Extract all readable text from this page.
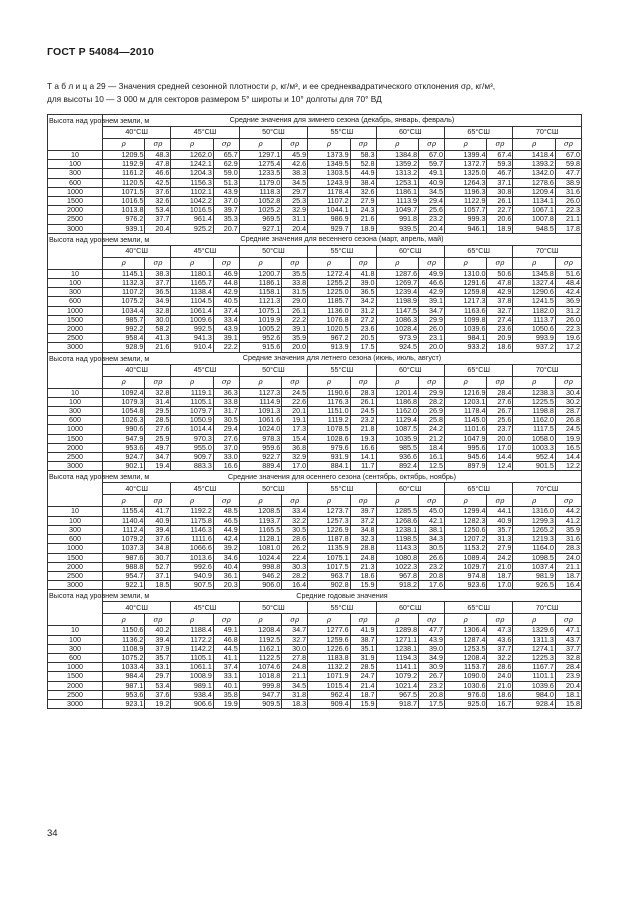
ГОСТ Р 54084—2010
Т а б л и ц а 29 — Значения средней сезонной плотности ρ, кг/м³, и ее среднеквадратического отклонения σρ, кг/м³,
для высоты 10 — 3 000 м для секторов размером 5° широты и 10° долготы для 70° ВД
Высота над уровнем земли, м	Средние значения для зимнего сезона (декабрь, январь, февраль)													
	40°СШ		45°СШ		50°СШ		55°СШ		60°СШ		65°СШ		70°СШ	
	ρ	σρ	ρ	σρ	ρ	σρ	ρ	σρ	ρ	σρ	ρ	σρ	ρ	σρ
10	1209.5	48.3	1262.0	65.7	1297.1	45.9	1373.9	58.3	1384.8	67.0	1399.4	67.4	1418.4	67.0
100	1192.9	47.8	1242.1	62.9	1275.4	42.6	1349.5	52.8	1359.2	59.7	1372.7	59.3	1393.2	59.8
300	1161.2	46.6	1204.3	59.0	1233.5	38.3	1303.5	44.9	1313.2	49.1	1325.0	46.7	1342.0	47.7
600	1120.5	42.5	1156.3	51.3	1179.0	34.5	1243.9	38.4	1253.1	40.9	1264.3	37.1	1278.6	38.9
1000	1071.5	37.6	1102.1	43.9	1118.3	29.7	1178.4	32.6	1186.1	34.5	1196.3	30.8	1209.4	31.6
1500	1016.5	32.6	1042.2	37.0	1052.8	25.3	1107.2	27.9	1113.9	29.4	1122.9	26.1	1134.1	26.0
2000	1013.8	53.4	1016.5	39.7	1025.2	32.9	1044.1	24.3	1049.7	25.6	1057.7	22.7	1067.1	22.3
2500	976.2	37.7	961.4	35.3	969.5	31.1	986.9	21.6	991.8	23.2	999.3	20.6	1007.8	21.1
3000	939.1	20.4	925.2	20.7	927.1	20.4	929.7	18.9	939.5	20.4	946.1	18.9	948.5	17.8
Высота над уровнем земли, м	Средние значения для весеннего сезона (март, апрель, май)													
	40°СШ		45°СШ		50°СШ		55°СШ		60°СШ		65°СШ		70°СШ	
	ρ	σρ	ρ	σρ	ρ	σρ	ρ	σρ	ρ	σρ	ρ	σρ	ρ	σρ
10	1145.1	38.3	1180.1	46.9	1200.7	35.5	1272.4	41.8	1287.6	49.9	1310.0	50.6	1345.8	51.6
100	1132.3	37.7	1165.7	44.8	1186.1	33.8	1255.2	39.0	1269.7	46.6	1291.6	47.8	1327.4	48.4
300	1107.2	36.5	1138.4	42.9	1158.1	31.5	1225.0	36.5	1239.4	42.9	1259.8	42.9	1290.6	42.4
600	1075.2	34.9	1104.5	40.5	1121.3	29.0	1185.7	34.2	1198.9	39.1	1217.3	37.8	1241.5	36.9
1000	1034.4	32.8	1061.4	37.4	1075.1	26.1	1136.0	31.2	1147.5	34.7	1163.6	32.7	1182.0	31.2
1500	985.7	30.0	1009.6	33.4	1019.9	22.2	1076.8	27.2	1086.3	29.9	1099.8	27.4	1113.7	26.0
2000	992.2	58.2	992.5	43.9	1005.2	39.1	1020.5	23.6	1028.4	26.0	1039.6	23.6	1050.6	22.3
2500	958.4	41.3	941.3	39.1	952.6	35.9	967.2	20.5	973.9	23.1	984.1	20.9	993.9	19.6
3000	928.9	21.6	910.4	22.2	915.6	20.0	913.9	17.5	924.5	20.0	933.2	18.6	937.2	17.2
Высота над уровнем земли, м	Средние значения для летнего сезона (июнь, июль, август)													
	40°СШ		45°СШ		50°СШ		55°СШ		60°СШ		65°СШ		70°СШ	
	ρ	σρ	ρ	σρ	ρ	σρ	ρ	σρ	ρ	σρ	ρ	σρ	ρ	σρ
10	1092.4	32.8	1119.1	36.3	1127.3	24.5	1190.6	28.3	1201.4	29.9	1216.9	28.4	1238.3	30.4
100	1079.3	31.4	1105.1	33.8	1114.9	22.6	1176.3	26.1	1186.8	28.2	1203.1	27.6	1225.5	30.2
300	1054.8	29.5	1079.7	31.7	1091.3	20.1	1151.0	24.5	1162.0	26.9	1178.4	26.7	1198.8	28.7
600	1026.3	28.5	1050.9	30.5	1061.6	19.1	1119.2	23.2	1129.4	25.8	1145.0	25.6	1162.0	26.8
1000	990.6	27.6	1014.4	29.4	1024.0	17.3	1078.5	21.8	1087.5	24.2	1101.6	23.7	1117.5	24.5
1500	947.9	25.9	970.3	27.6	978.3	15.4	1028.6	19.3	1035.9	21.2	1047.9	20.0	1058.0	19.9
2000	953.6	49.7	955.0	37.0	959.6	36.8	979.6	16.6	985.5	18.4	995.6	17.0	1003.3	16.5
2500	924.7	34.7	909.7	33.0	922.7	32.9	931.9	14.1	936.6	16.1	945.6	14.4	952.4	14.4
3000	902.1	19.4	883.3	16.6	889.4	17.0	884.1	11.7	892.4	12.5	897.9	12.4	901.5	12.2
Высота над уровнем земли, м	Средние значения для осеннего сезона (сентябрь, октябрь, ноябрь)													
	40°СШ		45°СШ		50°СШ		55°СШ		60°СШ		65°СШ		70°СШ	
	ρ	σρ	ρ	σρ	ρ	σρ	ρ	σρ	ρ	σρ	ρ	σρ	ρ	σρ
10	1155.4	41.7	1192.2	48.5	1208.5	33.4	1273.7	39.7	1285.5	45.0	1299.4	44.1	1316.0	44.2
100	1140.4	40.9	1175.8	46.5	1193.7	32.2	1257.3	37.2	1268.6	42.1	1282.3	40.9	1299.3	41.2
300	1112.4	39.4	1146.3	44.9	1165.5	30.5	1226.9	34.8	1238.1	38.1	1250.6	35.7	1265.2	35.9
600	1079.2	37.6	1111.6	42.4	1128.1	28.6	1187.8	32.3	1198.5	34.3	1207.2	31.3	1219.3	31.6
1000	1037.3	34.8	1066.6	39.2	1081.0	26.2	1135.9	28.8	1143.3	30.5	1153.2	27.9	1164.0	28.3
1500	987.6	30.7	1013.6	34.6	1024.4	22.4	1075.1	24.8	1080.8	26.6	1089.4	24.2	1098.5	24.0
2000	988.8	52.7	992.6	40.4	998.8	30.3	1017.5	21.3	1022.3	23.2	1029.7	21.0	1037.4	21.1
2500	954.7	37.1	940.9	36.1	946.2	28.2	963.7	18.6	967.8	20.8	974.8	18.7	981.9	18.7
3000	922.1	18.5	907.5	20.3	906.0	16.4	902.8	15.9	918.2	17.6	923.6	17.0	926.5	16.4
Высота над уровнем земли, м	Средние годовые значения													
	40°СШ		45°СШ		50°СШ		55°СШ		60°СШ		65°СШ		70°СШ	
	ρ	σρ	ρ	σρ	ρ	σρ	ρ	σρ	ρ	σρ	ρ	σρ	ρ	σρ
10	1150.6	40.2	1188.4	49.1	1208.4	34.7	1277.6	41.9	1289.8	47.7	1306.4	47.3	1329.6	47.1
100	1136.2	39.4	1172.2	46.8	1192.5	32.7	1259.6	38.7	1271.1	43.9	1287.4	43.6	1311.3	43.7
300	1108.9	37.9	1142.2	44.5	1162.1	30.0	1226.6	35.1	1238.1	39.0	1253.5	37.7	1274.1	37.7
600	1075.2	35.7	1105.1	41.1	1122.5	27.8	1183.8	31.9	1194.3	34.9	1208.4	32.2	1225.3	32.8
1000	1033.4	33.1	1061.1	37.4	1074.6	24.8	1132.2	28.5	1141.1	30.9	1153.7	28.6	1167.7	28.4
1500	984.4	29.7	1008.9	33.1	1018.8	21.1	1071.9	24.7	1079.2	26.7	1090.0	24.0	1101.1	23.9
2000	987.1	53.4	989.1	40.1	999.8	34.5	1015.4	21.4	1021.4	23.2	1030.6	21.0	1039.6	20.4
2500	953.6	37.6	938.4	35.8	947.7	31.8	962.4	18.7	967.5	20.8	976.0	18.6	984.0	18.1
3000	923.1	19.2	906.6	19.9	909.5	18.3	909.4	15.9	918.7	17.5	925.0	16.7	928.4	15.8
34
